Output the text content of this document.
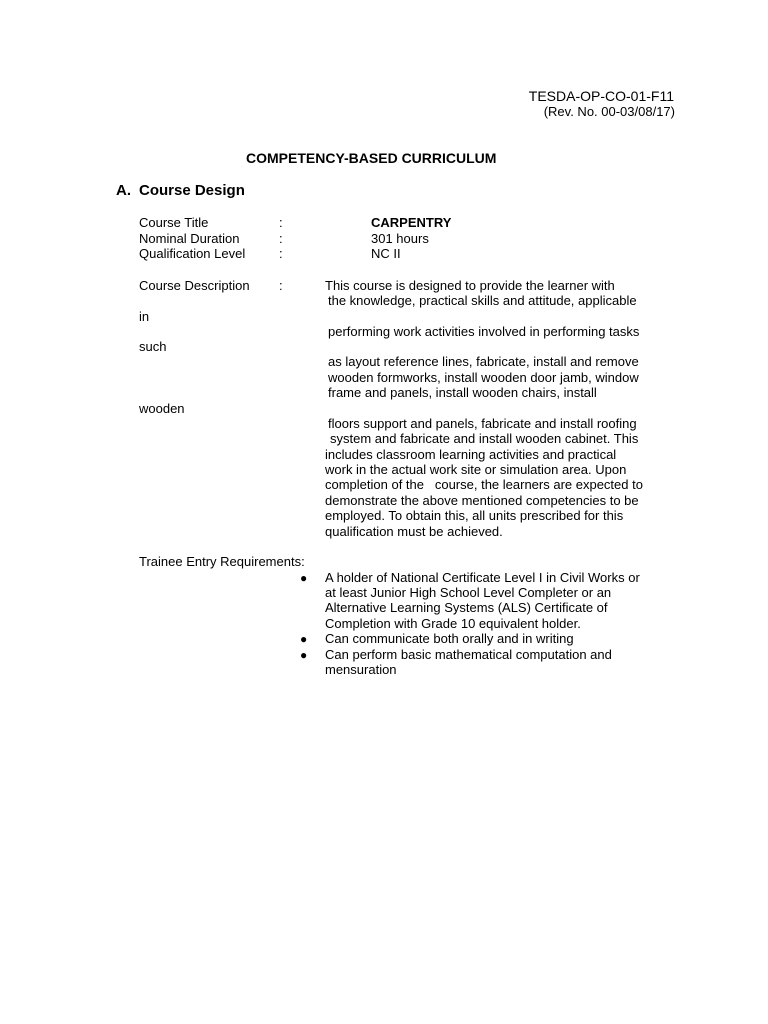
TESDA-OP-CO-01-F11
(Rev. No. 00-03/08/17)
COMPETENCY-BASED CURRICULUM
A. Course Design
Course Title	:	CARPENTRY
Nominal Duration	:	301 hours
Qualification Level	:	NC II
Course Description :	This course is designed to provide the learner with
the knowledge, practical skills and attitude, applicable
in
performing work activities involved in performing tasks
such
as layout reference lines, fabricate, install and remove
wooden formworks, install wooden door jamb, window
frame and panels, install wooden chairs, install
wooden
floors support and panels, fabricate and install roofing
system and fabricate and install wooden cabinet. This
includes classroom learning activities and practical
work in the actual work site or simulation area. Upon
completion of the   course, the learners are expected to
demonstrate the above mentioned competencies to be
employed. To obtain this, all units prescribed for this
qualification must be achieved.
Trainee Entry Requirements:
● A holder of National Certificate Level I in Civil Works or
at least Junior High School Level Completer or an
Alternative Learning Systems (ALS) Certificate of
Completion with Grade 10 equivalent holder.
● Can communicate both orally and in writing
● Can perform basic mathematical computation and
mensuration
